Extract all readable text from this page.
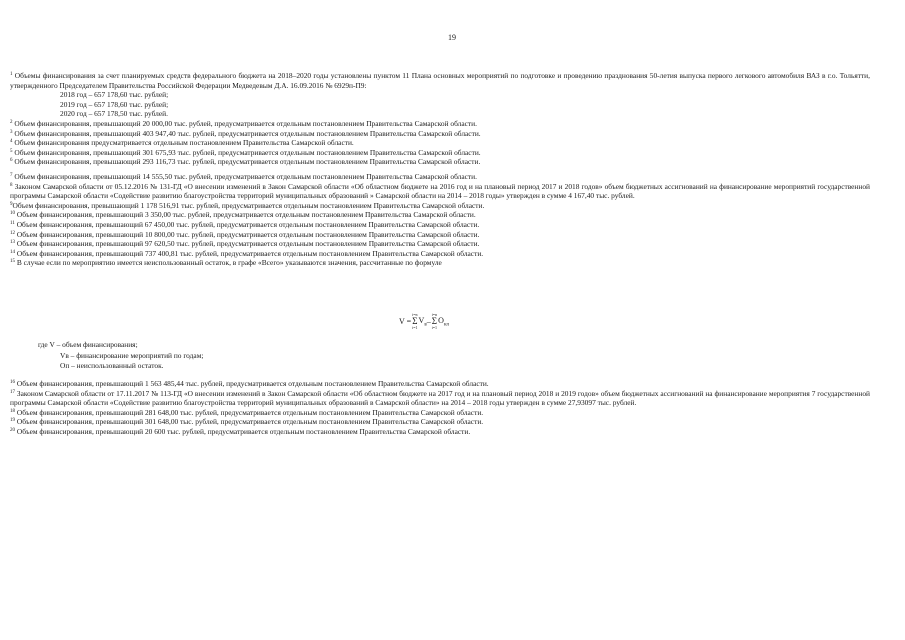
19

$^1$ Объемы финансирования за счет планируемых средств федерального бюджета на 2018–2020 годы установлены пунктом 11 Плана основных мероприятий по подготовке и проведению празднования 50-летия выпуска первого легкового автомобиля ВАЗ в г.о. Тольятти, утвержденного Председателем Правительства Российской Федерации Медведевым Д.А. 16.09.2016 № 6929п-П9:

2018 год – 657 178,60 тыс. рублей;

2019 год – 657 178,60 тыс. рублей;

2020 год – 657 178,50 тыс. рублей.

$^2$ Объем финансирования, превышающий 20 000,00 тыс. рублей, предусматривается отдельным постановлением Правительства Самарской области.

$^3$ Объем финансирования, превышающий 403 947,40 тыс. рублей, предусматривается отдельным постановлением Правительства Самарской области.

$^4$ Объем финансирования предусматривается отдельным постановлением Правительства Самарской области.

$^5$ Объем финансирования, превышающий 301 675,93 тыс. рублей, предусматривается отдельным постановлением Правительства Самарской области.

$^6$ Объем финансирования, превышающий 293 116,73 тыс. рублей, предусматривается отдельным постановлением Правительства Самарской области.

$^7$ Объем финансирования, превышающий 14 555,50 тыс. рублей, предусматривается отдельным постановлением Правительства Самарской области.

$^8$ Законом Самарской области от 05.12.2016 № 131-ГД «О внесении изменений в Закон Самарской области «Об областном бюджете на 2016 год и на плановый период 2017 и 2018 годов» объем бюджетных ассигнований на финансирование мероприятий государственной программы Самарской области «Содействие развитию благоустройства территорий муниципальных образований » Самарской области на 2014 – 2018 годы» утвержден в сумме 4 167,40 тыс. рублей.

$^9$Объем финансирования, превышающий 1 178 516,91 тыс. рублей, предусматривается отдельным постановлением Правительства Самарской области.

$^{10}$ Объем финансирования, превышающий 3 350,00 тыс. рублей, предусматривается отдельным постановлением Правительства Самарской области.

$^{11}$ Объем финансирования, превышающий 67 450,00 тыс. рублей, предусматривается отдельным постановлением Правительства Самарской области.

$^{12}$ Объем финансирования, превышающий 10 800,00 тыс. рублей, предусматривается отдельным постановлением Правительства Самарской области.

$^{13}$ Объем финансирования, превышающий 97 620,50 тыс. рублей, предусматривается отдельным постановлением Правительства Самарской области.

$^{14}$ Объем финансирования, превышающий 737 400,81 тыс. рублей, предусматривается отдельным постановлением Правительства Самарской области.

$^{15}$ В случае если по мероприятию имеется неиспользованный остаток, в графе «Всего» указываются значения, рассчитанные по формуле

V =
i=n
Σ
i=1
$V_в$ –
i=n
Σ
i=1
$O_{нл}$
где V – объем финансирования;
Vв – финансирование мероприятий по годам;
Оп – неиспользованный остаток.

$^{16}$ Объем финансирования, превышающий 1 563 485,44 тыс. рублей, предусматривается отдельным постановлением Правительства Самарской области.

$^{17}$ Законом Самарской области от 17.11.2017 № 113-ГД «О внесении изменений в Закон Самарской области «Об областном бюджете на 2017 год и на плановый период 2018 и 2019 годов» объем бюджетных ассигнований на финансирование мероприятия 7 государственной программы Самарской области «Содействие развитию благоустройства территорий муниципальных образований в Самарской области» на 2014 – 2018 годы утвержден в сумме 27,93097 тыс. рублей.

$^{18}$ Объем финансирования, превышающий 281 648,00 тыс. рублей, предусматривается отдельным постановлением Правительства Самарской области.

$^{19}$ Объем финансирования, превышающий 301 648,00 тыс. рублей, предусматривается отдельным постановлением Правительства Самарской области.

$^{20}$ Объем финансирования, превышающий 20 600 тыс. рублей, предусматривается отдельным постановлением Правительства Самарской области.
